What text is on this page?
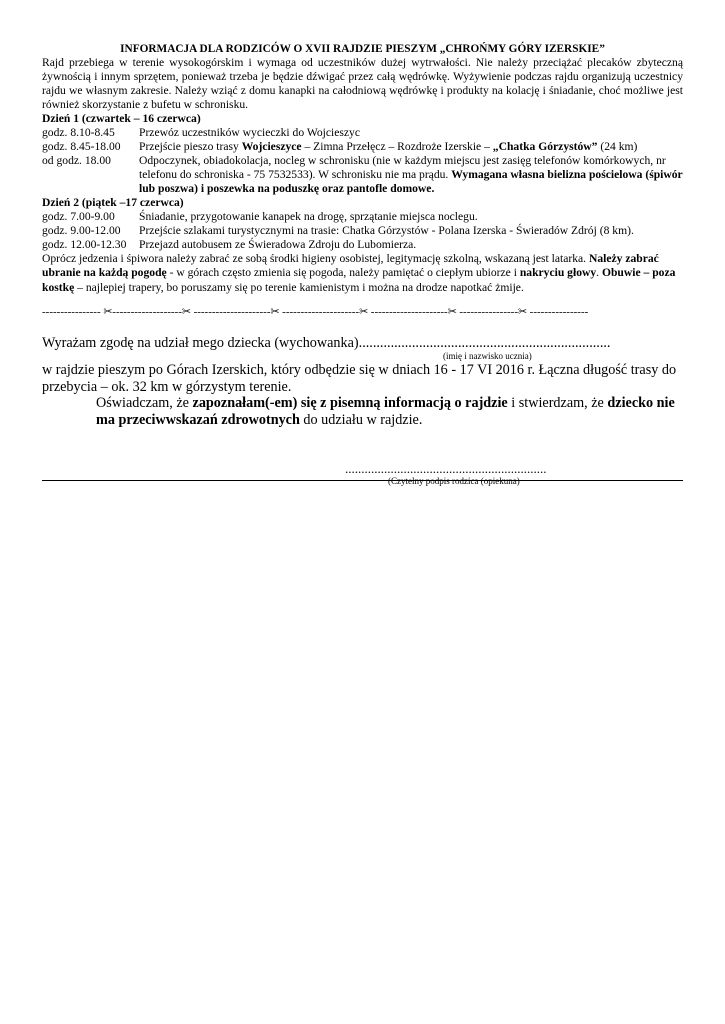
INFORMACJA DLA RODZICÓW O XVII RAJDZIE PIESZYM „CHROŃMY GÓRY IZERSKIE”

Rajd przebiega w terenie wysokogórskim i wymaga od uczestników dużej wytrwałości. Nie należy przeciążać plecaków zbyteczną żywnością i innym sprzętem, ponieważ trzeba je będzie dźwigać przez całą wędrówkę. Wyżywienie podczas rajdu organizują uczestnicy rajdu we własnym zakresie. Należy wziąć z domu kanapki na całodniową wędrówkę i produkty na kolację i śniadanie, choć możliwe jest również skorzystanie z bufetu w schronisku.

Dzień 1 (czwartek – 16 czerwca)

godz. 8.10-8.45	Przewóz uczestników wycieczki do Wojcieszyc
godz. 8.45-18.00	Przejście pieszo trasy Wojcieszyce – Zimna Przełęcz – Rozdroże Izerskie – „Chatka Górzystów” (24 km)
od godz. 18.00	Odpoczynek, obiadokolacja, nocleg w schronisku (nie w każdym miejscu jest zasięg telefonów komórkowych, nr telefonu do schroniska - 75 7532533). W schronisku nie ma prądu. Wymagana własna bielizna pościelowa (śpiwór lub poszwa) i poszewka na poduszkę oraz pantofle domowe.

Dzień 2 (piątek –17 czerwca)

godz. 7.00-9.00	Śniadanie, przygotowanie kanapek na drogę, sprzątanie miejsca noclegu.
godz. 9.00-12.00	Przejście szlakami turystycznymi na trasie: Chatka Górzystów - Polana Izerska - Świeradów Zdrój (8 km).
godz. 12.00-12.30	Przejazd autobusem ze Świeradowa Zdroju do Lubomierza.

Oprócz jedzenia i śpiwora należy zabrać ze sobą środki higieny osobistej, legitymację szkolną, wskazaną jest latarka. Należy zabrać ubranie na każdą pogodę - w górach często zmienia się pogoda, należy pamiętać o ciepłym ubiorze i nakryciu głowy. Obuwie – poza kostkę – najlepiej trapery, bo poruszamy się po terenie kamienistym i można na drodze napotkać żmije.

---------------- ✂-------------------✂ ---------------------✂ ---------------------✂ ---------------------✂ ----------------✂ ----------------
Wyrażam zgodę na udział mego dziecka (wychowanka) .......................................................................
(imię i nazwisko ucznia)

w rajdzie pieszym po Górach Izerskich, który odbędzie się w dniach 16 - 17 VI 2016 r. Łączna długość trasy do przebycia – ok. 32 km w górzystym terenie.

Oświadczam, że zapoznałam(-em) się z pisemną informacją o rajdzie i stwierdzam, że dziecko nie ma przeciwwskazań zdrowotnych do udziału w rajdzie.

..............................................................
(Czytelny podpis rodzica (opiekuna)
